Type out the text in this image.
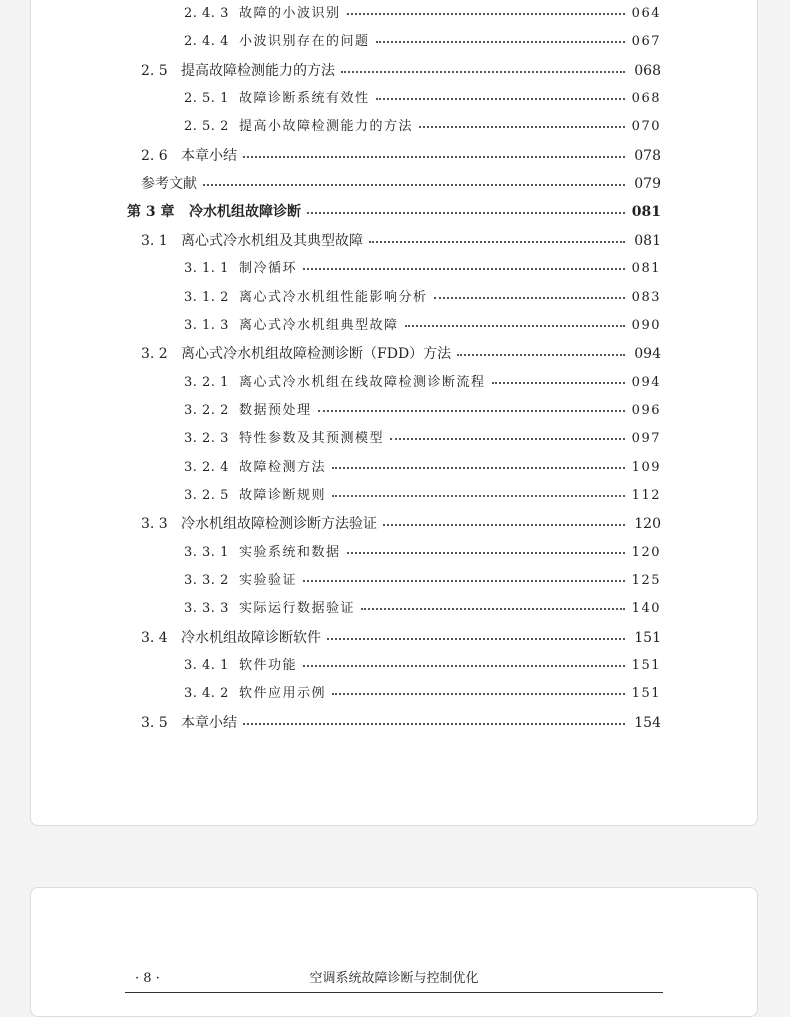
2. 4. 3 故障的小波识别	064
2. 4. 4 小波识别存在的问题	067
2. 5 提高故障检测能力的方法	068
2. 5. 1 故障诊断系统有效性	068
2. 5. 2 提高小故障检测能力的方法	070
2. 6 本章小结	078
参考文献	079
第 3 章	冷水机组故障诊断	081
3. 1 离心式冷水机组及其典型故障	081
3. 1. 1 制冷循环	081
3. 1. 2 离心式冷水机组性能影响分析	083
3. 1. 3 离心式冷水机组典型故障	090
3. 2 离心式冷水机组故障检测诊断（FDD）方法	094
3. 2. 1 离心式冷水机组在线故障检测诊断流程	094
3. 2. 2 数据预处理	096
3. 2. 3 特性参数及其预测模型	097
3. 2. 4 故障检测方法	109
3. 2. 5 故障诊断规则	112
3. 3 冷水机组故障检测诊断方法验证	120
3. 3. 1 实验系统和数据	120
3. 3. 2 实验验证	125
3. 3. 3 实际运行数据验证	140
3. 4 冷水机组故障诊断软件	151
3. 4. 1 软件功能	151
3. 4. 2 软件应用示例	151
3. 5 本章小结	154
· 8 ·	空调系统故障诊断与控制优化
